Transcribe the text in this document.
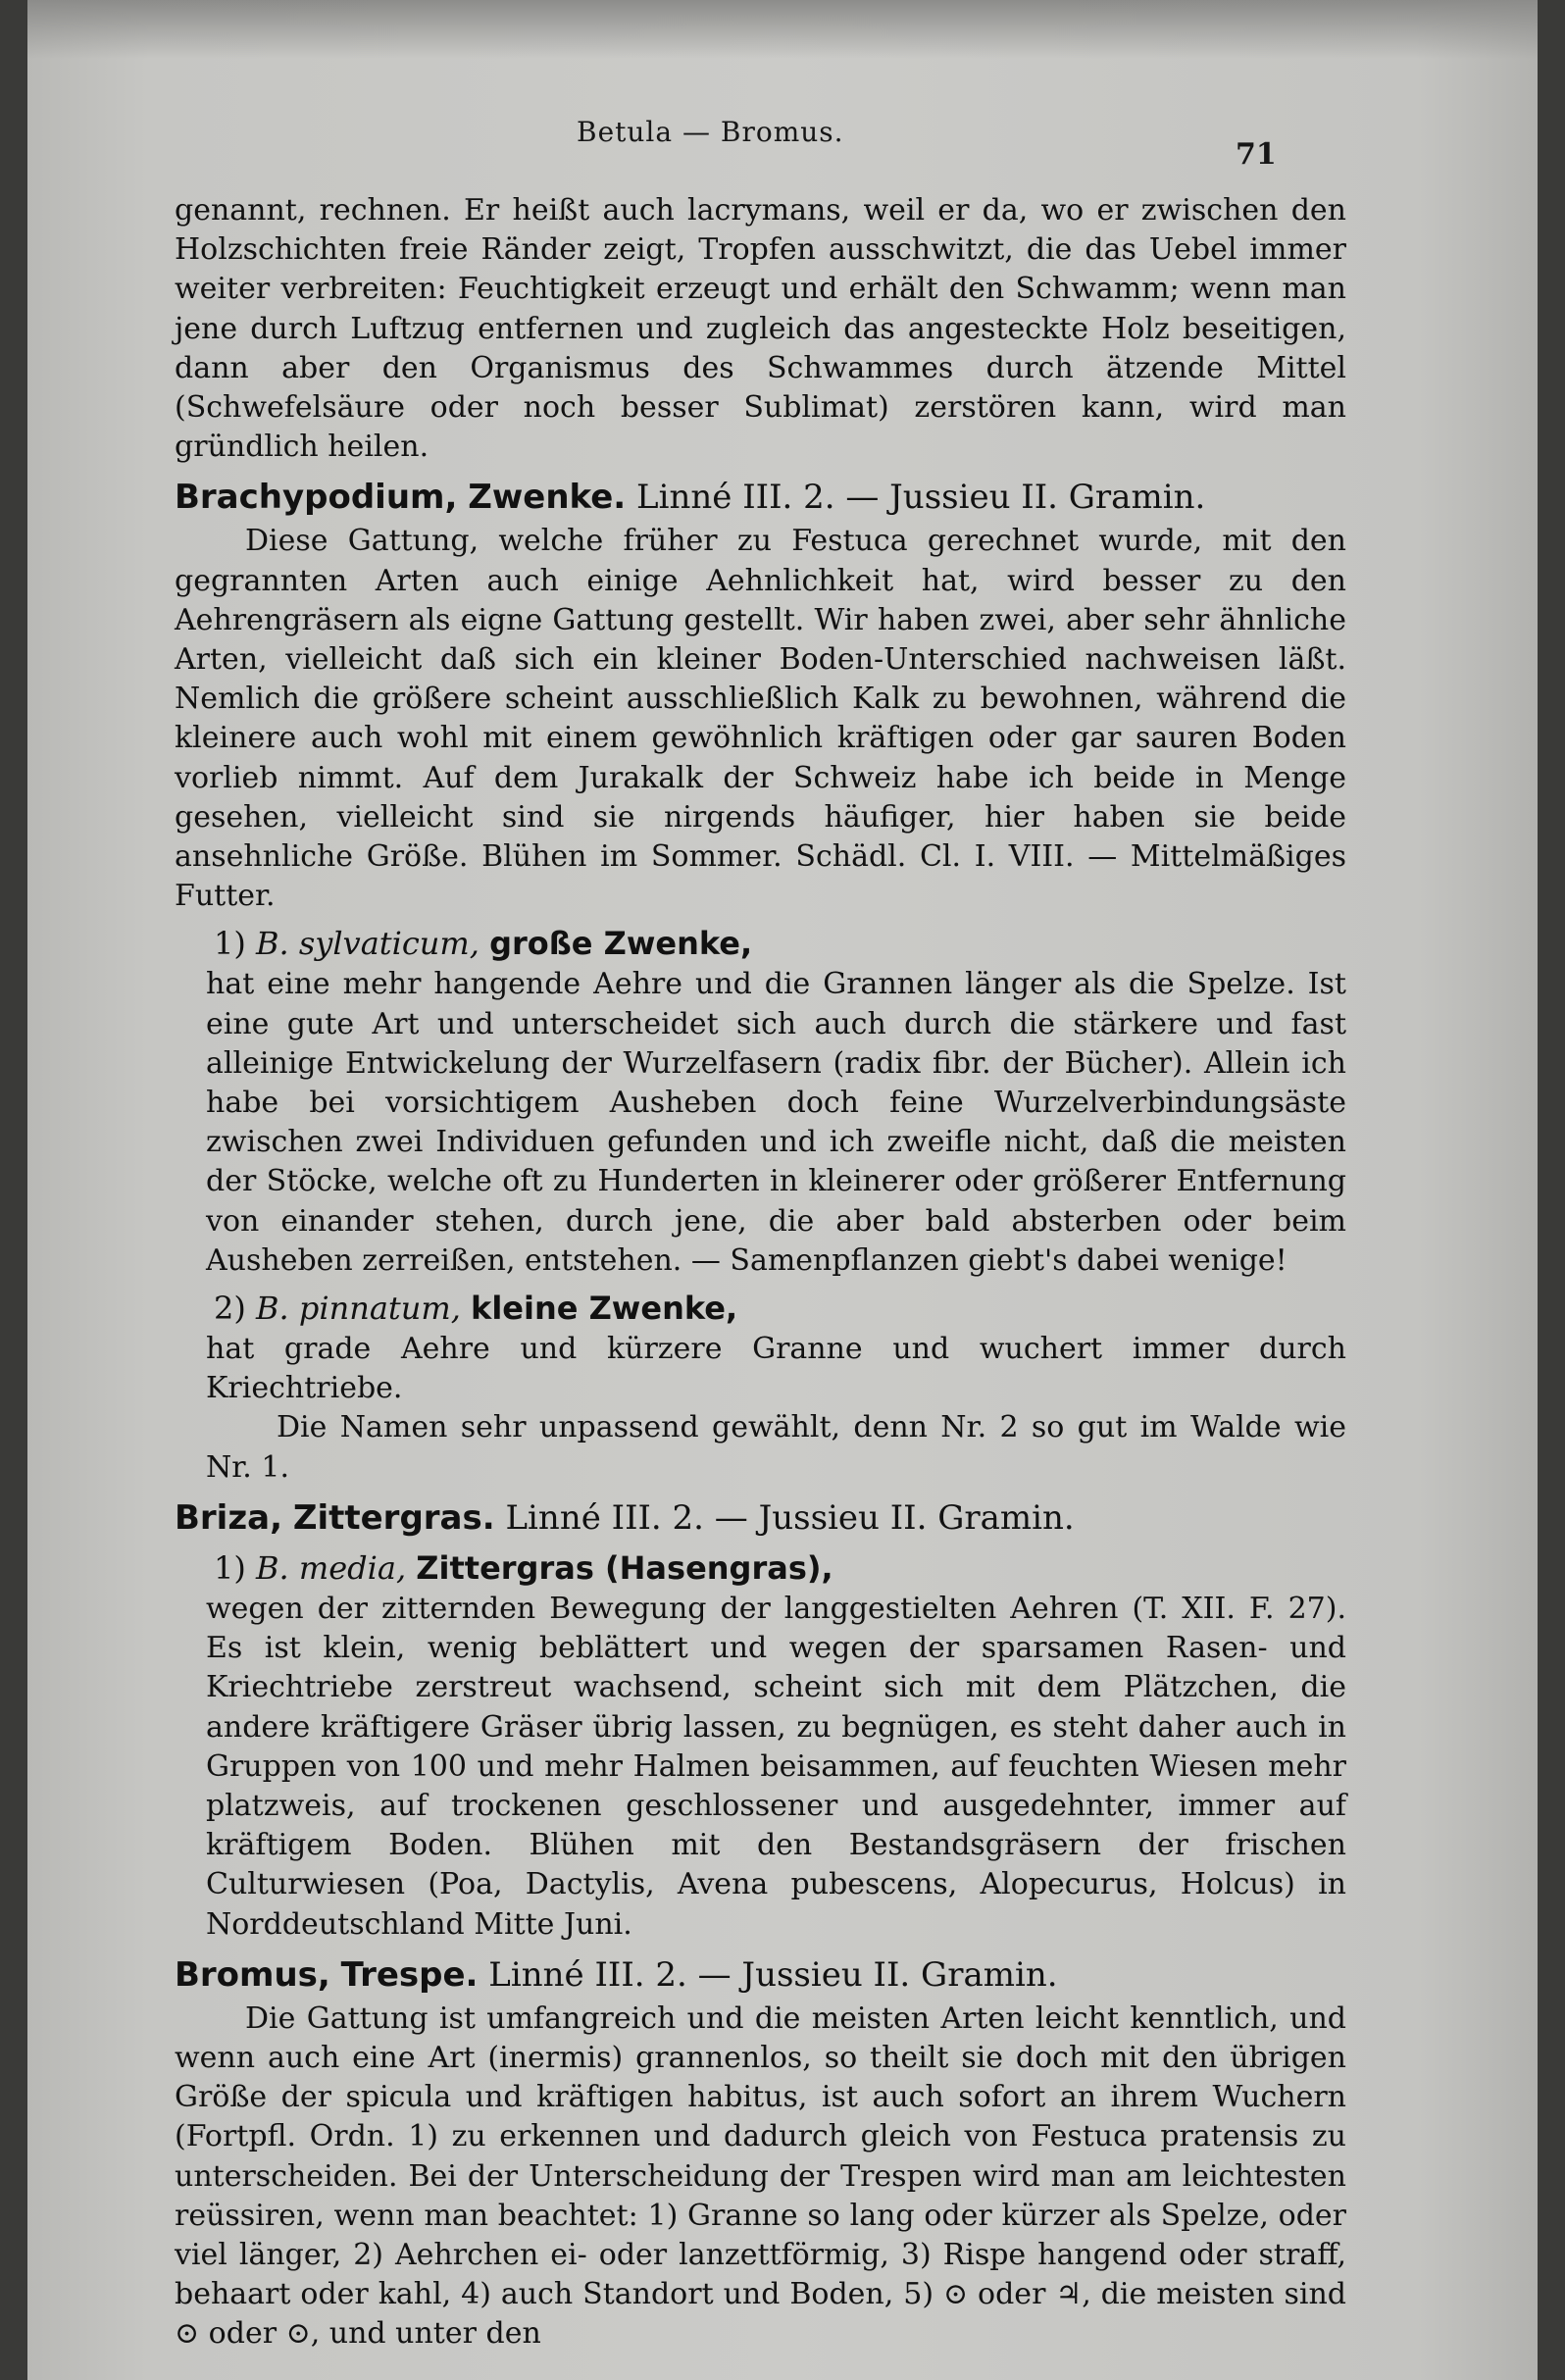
Betula — Bromus.
71

genannt, rechnen. Er heißt auch lacrymans, weil er da, wo er zwischen den Holzschichten freie Ränder zeigt, Tropfen ausschwitzt, die das Uebel immer weiter verbreiten: Feuchtigkeit erzeugt und erhält den Schwamm; wenn man jene durch Luftzug entfernen und zugleich das angesteckte Holz beseitigen, dann aber den Organismus des Schwammes durch ätzende Mittel (Schwefelsäure oder noch besser Sublimat) zerstören kann, wird man gründlich heilen.

Brachypodium, Zwenke. Linné III. 2. — Jussieu II. Gramin.

Diese Gattung, welche früher zu Festuca gerechnet wurde, mit den gegrannten Arten auch einige Aehnlichkeit hat, wird besser zu den Aehrengräsern als eigne Gattung gestellt. Wir haben zwei, aber sehr ähnliche Arten, vielleicht daß sich ein kleiner Boden-Unterschied nachweisen läßt. Nemlich die größere scheint ausschließlich Kalk zu bewohnen, während die kleinere auch wohl mit einem gewöhnlich kräftigen oder gar sauren Boden vorlieb nimmt. Auf dem Jurakalk der Schweiz habe ich beide in Menge gesehen, vielleicht sind sie nirgends häufiger, hier haben sie beide ansehnliche Größe. Blühen im Sommer. Schädl. Cl. I. VIII. — Mittelmäßiges Futter.

1) B. sylvaticum, große Zwenke,

hat eine mehr hangende Aehre und die Grannen länger als die Spelze. Ist eine gute Art und unterscheidet sich auch durch die stärkere und fast alleinige Entwickelung der Wurzelfasern (radix fibr. der Bücher). Allein ich habe bei vorsichtigem Ausheben doch feine Wurzelverbindungsäste zwischen zwei Individuen gefunden und ich zweifle nicht, daß die meisten der Stöcke, welche oft zu Hunderten in kleinerer oder größerer Entfernung von einander stehen, durch jene, die aber bald absterben oder beim Ausheben zerreißen, entstehen. — Samenpflanzen giebt's dabei wenige!

2) B. pinnatum, kleine Zwenke,

hat grade Aehre und kürzere Granne und wuchert immer durch Kriechtriebe.

Die Namen sehr unpassend gewählt, denn Nr. 2 so gut im Walde wie Nr. 1.

Briza, Zittergras. Linné III. 2. — Jussieu II. Gramin.

1) B. media, Zittergras (Hasengras),

wegen der zitternden Bewegung der langgestielten Aehren (T. XII. F. 27). Es ist klein, wenig beblättert und wegen der sparsamen Rasen- und Kriechtriebe zerstreut wachsend, scheint sich mit dem Plätzchen, die andere kräftigere Gräser übrig lassen, zu begnügen, es steht daher auch in Gruppen von 100 und mehr Halmen beisammen, auf feuchten Wiesen mehr platzweis, auf trockenen geschlossener und ausgedehnter, immer auf kräftigem Boden. Blühen mit den Bestandsgräsern der frischen Culturwiesen (Poa, Dactylis, Avena pubescens, Alopecurus, Holcus) in Norddeutschland Mitte Juni.

Bromus, Trespe. Linné III. 2. — Jussieu II. Gramin.

Die Gattung ist umfangreich und die meisten Arten leicht kenntlich, und wenn auch eine Art (inermis) grannenlos, so theilt sie doch mit den übrigen Größe der spicula und kräftigen habitus, ist auch sofort an ihrem Wuchern (Fortpfl. Ordn. 1) zu erkennen und dadurch gleich von Festuca pratensis zu unterscheiden. Bei der Unterscheidung der Trespen wird man am leichtesten reüssiren, wenn man beachtet: 1) Granne so lang oder kürzer als Spelze, oder viel länger, 2) Aehrchen ei- oder lanzettförmig, 3) Rispe hangend oder straff, behaart oder kahl, 4) auch Standort und Boden, 5) ⊙ oder ♃, die meisten sind ⊙ oder ⊙, und unter den
